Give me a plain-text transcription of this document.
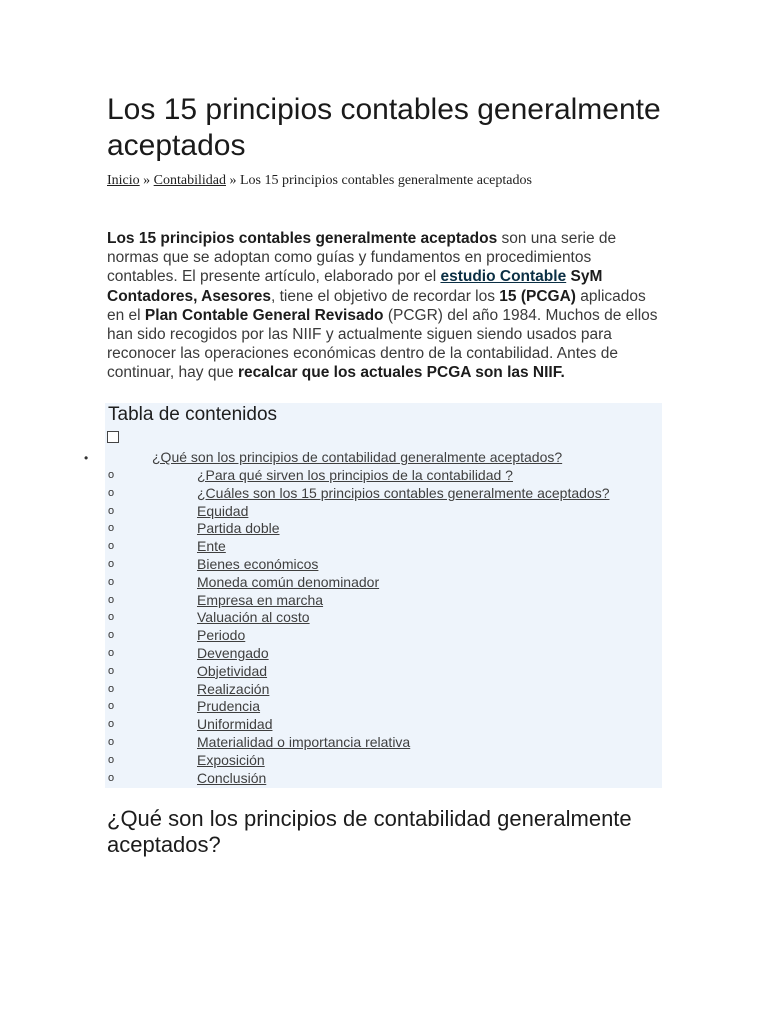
Los 15 principios contables generalmente aceptados
Inicio » Contabilidad » Los 15 principios contables generalmente aceptados

Los 15 principios contables generalmente aceptados son una serie de normas que se adoptan como guías y fundamentos en procedimientos contables. El presente artículo, elaborado por el estudio Contable SyM Contadores, Asesores, tiene el objetivo de recordar los 15 (PCGA) aplicados en el Plan Contable General Revisado (PCGR) del año 1984. Muchos de ellos han sido recogidos por las NIIF y actualmente siguen siendo usados para reconocer las operaciones económicas dentro de la contabilidad. Antes de continuar, hay que recalcar que los actuales PCGA son las NIIF.

Tabla de contenidos
•	¿Qué son los principios de contabilidad generalmente aceptados?
o	¿Para qué sirven los principios de la contabilidad ?
o	¿Cuáles son los 15 principios contables generalmente aceptados?
o	Equidad
o	Partida doble
o	Ente
o	Bienes económicos
o	Moneda común denominador
o	Empresa en marcha
o	Valuación al costo
o	Periodo
o	Devengado
o	Objetividad
o	Realización
o	Prudencia
o	Uniformidad
o	Materialidad o importancia relativa
o	Exposición
o	Conclusión
¿Qué son los principios de contabilidad generalmente aceptados?
